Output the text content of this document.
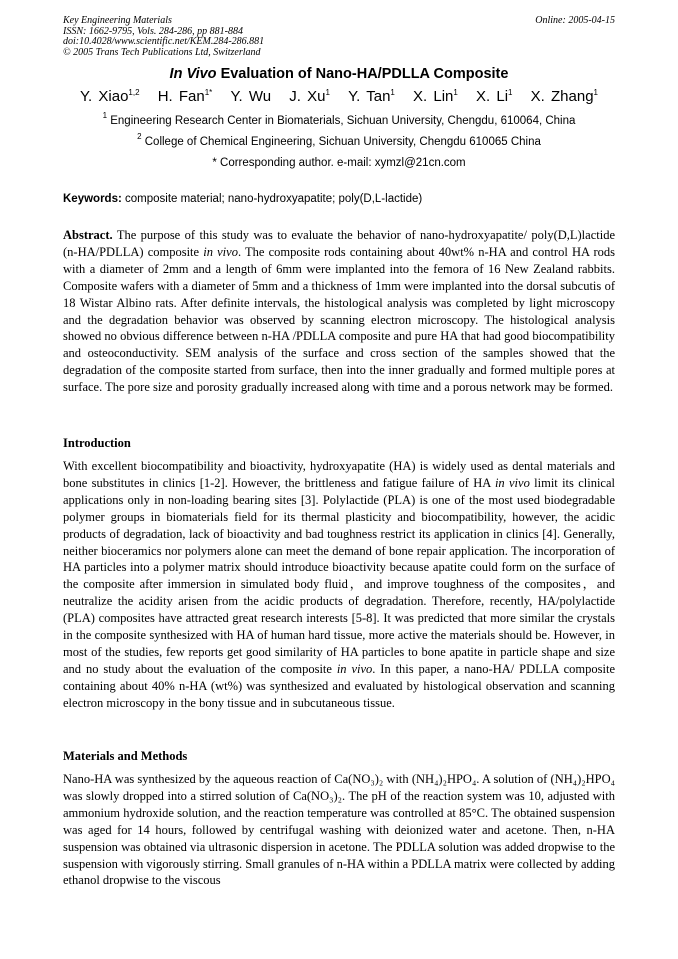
Key Engineering Materials	Online: 2005-04-15
ISSN: 1662-9795, Vols. 284-286, pp 881-884
doi:10.4028/www.scientific.net/KEM.284-286.881
© 2005 Trans Tech Publications Ltd, Switzerland
In Vivo Evaluation of Nano-HA/PDLLA Composite
Y. Xiao$^{1,2}$ H. Fan$^{1*}$ Y. Wu J. Xu$^1$ Y. Tan$^1$ X. Lin$^1$ X. Li$^1$ X. Zhang$^1$
$^1$ Engineering Research Center in Biomaterials, Sichuan University, Chengdu, 610064, China
$^2$ College of Chemical Engineering, Sichuan University, Chengdu 610065 China
* Corresponding author. e-mail: xymzl@21cn.com
Keywords: composite material; nano-hydroxyapatite; poly(D,L-lactide)

Abstract. The purpose of this study was to evaluate the behavior of nano-hydroxyapatite/ poly(D,L)lactide (n-HA/PDLLA) composite in vivo. The composite rods containing about 40wt% n-HA and control HA rods with a diameter of 2mm and a length of 6mm were implanted into the femora of 16 New Zealand rabbits. Composite wafers with a diameter of 5mm and a thickness of 1mm were implanted into the dorsal subcutis of 18 Wistar Albino rats. After definite intervals, the histological analysis was completed by light microscopy and the degradation behavior was observed by scanning electron microscopy. The histological analysis showed no obvious difference between n-HA /PDLLA composite and pure HA that had good biocompatibility and osteoconductivity. SEM analysis of the surface and cross section of the samples showed that the degradation of the composite started from surface, then into the inner gradually and formed multiple pores at surface. The pore size and porosity gradually increased along with time and a porous network may be formed.

Introduction

With excellent biocompatibility and bioactivity, hydroxyapatite (HA) is widely used as dental materials and bone substitutes in clinics [1-2]. However, the brittleness and fatigue failure of HA in vivo limit its clinical applications only in non-loading bearing sites [3]. Polylactide (PLA) is one of the most used biodegradable polymer groups in biomaterials field for its thermal plasticity and biocompatibility, however, the acidic products of degradation, lack of bioactivity and bad toughness restrict its application in clinics [4]. Generally, neither bioceramics nor polymers alone can meet the demand of bone repair application. The incorporation of HA particles into a polymer matrix should introduce bioactivity because apatite could form on the surface of the composite after immersion in simulated body fluid，and improve toughness of the composites，and neutralize the acidity arisen from the acidic products of degradation. Therefore, recently, HA/polylactide (PLA) composites have attracted great research interests [5-8]. It was predicted that more similar the crystals in the composite synthesized with HA of human hard tissue, more active the materials should be. However, in most of the studies, few reports get good similarity of HA particles to bone apatite in particle shape and size and no study about the evaluation of the composite in vivo. In this paper, a nano-HA/ PDLLA composite containing about 40% n-HA (wt%) was synthesized and evaluated by histological observation and scanning electron microscopy in the bony tissue and in subcutaneous tissue.

Materials and Methods

Nano-HA was synthesized by the aqueous reaction of Ca(NO₃)₂ with (NH₄)₂HPO₄. A solution of (NH₄)₂HPO₄ was slowly dropped into a stirred solution of Ca(NO₃)₂. The pH of the reaction system was 10, adjusted with ammonium hydroxide solution, and the reaction temperature was controlled at 85°C. The obtained suspension was aged for 14 hours, followed by centrifugal washing with deionized water and acetone. Then, n-HA suspension was obtained via ultrasonic dispersion in acetone. The PDLLA solution was added dropwise to the suspension with vigorously stirring. Small granules of n-HA within a PDLLA matrix were collected by adding ethanol dropwise to the viscous
